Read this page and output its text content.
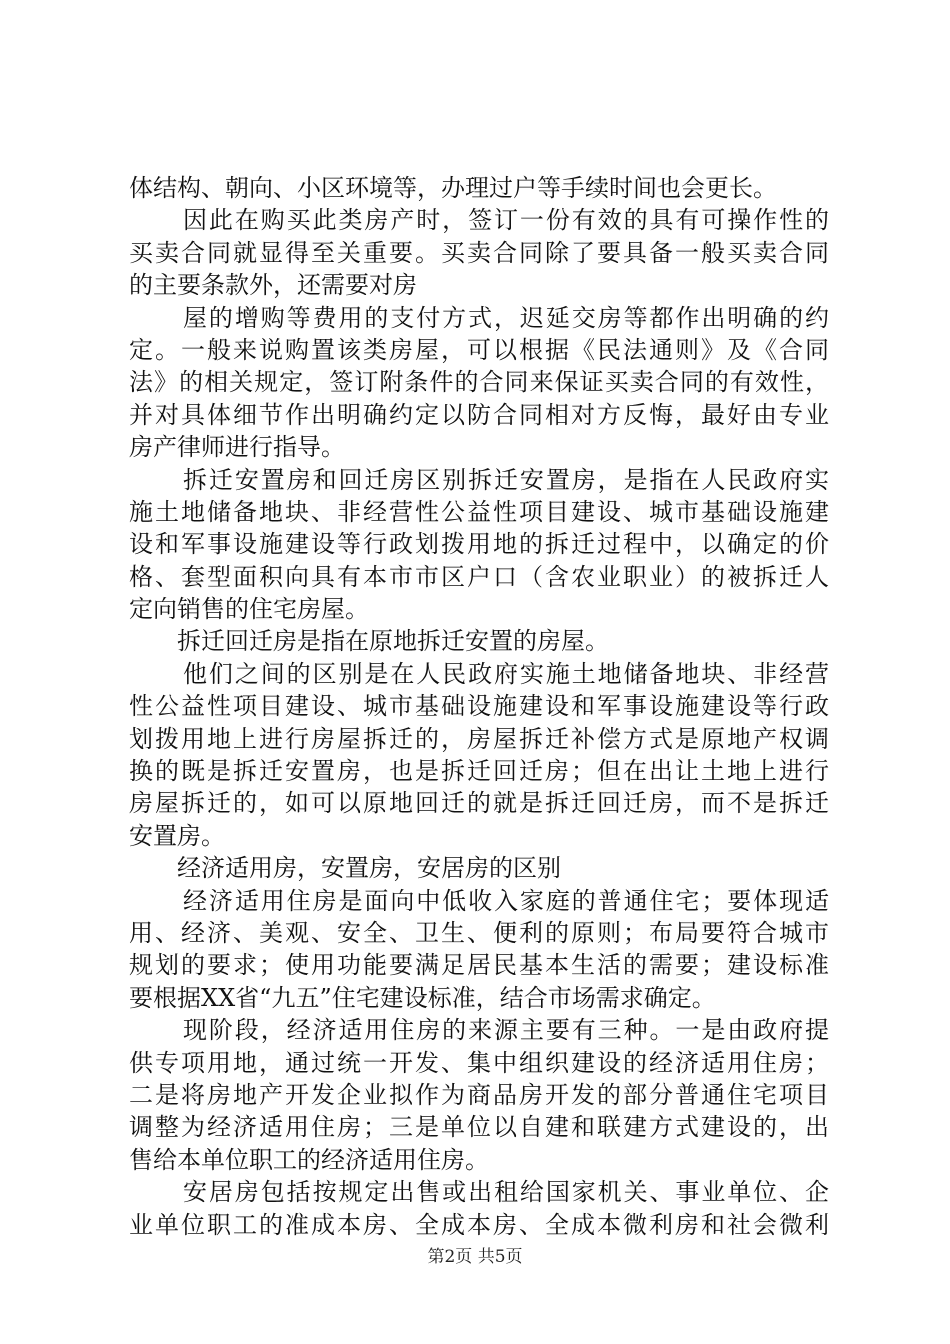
体结构、朝向、小区环境等，办理过户等手续时间也会更长。
因此在购买此类房产时，签订一份有效的具有可操作性的
买卖合同就显得至关重要。买卖合同除了要具备一般买卖合同
的主要条款外，还需要对房
屋的增购等费用的支付方式，迟延交房等都作出明确的约
定。一般来说购置该类房屋，可以根据《民法通则》及《合同
法》的相关规定，签订附条件的合同来保证买卖合同的有效性，
并对具体细节作出明确约定以防合同相对方反悔，最好由专业
房产律师进行指导。
拆迁安置房和回迁房区别拆迁安置房，是指在人民政府实
施土地储备地块、非经营性公益性项目建设、城市基础设施建
设和军事设施建设等行政划拨用地的拆迁过程中，以确定的价
格、套型面积向具有本市市区户口（含农业职业）的被拆迁人
定向销售的住宅房屋。
拆迁回迁房是指在原地拆迁安置的房屋。
他们之间的区别是在人民政府实施土地储备地块、非经营
性公益性项目建设、城市基础设施建设和军事设施建设等行政
划拨用地上进行房屋拆迁的，房屋拆迁补偿方式是原地产权调
换的既是拆迁安置房，也是拆迁回迁房；但在出让土地上进行
房屋拆迁的，如可以原地回迁的就是拆迁回迁房，而不是拆迁
安置房。
经济适用房，安置房，安居房的区别
经济适用住房是面向中低收入家庭的普通住宅；要体现适
用、经济、美观、安全、卫生、便利的原则；布局要符合城市
规划的要求；使用功能要满足居民基本生活的需要；建设标准
要根据XX省“九五”住宅建设标准，结合市场需求确定。
现阶段，经济适用住房的来源主要有三种。一是由政府提
供专项用地，通过统一开发、集中组织建设的经济适用住房；
二是将房地产开发企业拟作为商品房开发的部分普通住宅项目
调整为经济适用住房；三是单位以自建和联建方式建设的，出
售给本单位职工的经济适用住房。
安居房包括按规定出售或出租给国家机关、事业单位、企
业单位职工的准成本房、全成本房、全成本微利房和社会微利
第2页 共5页
